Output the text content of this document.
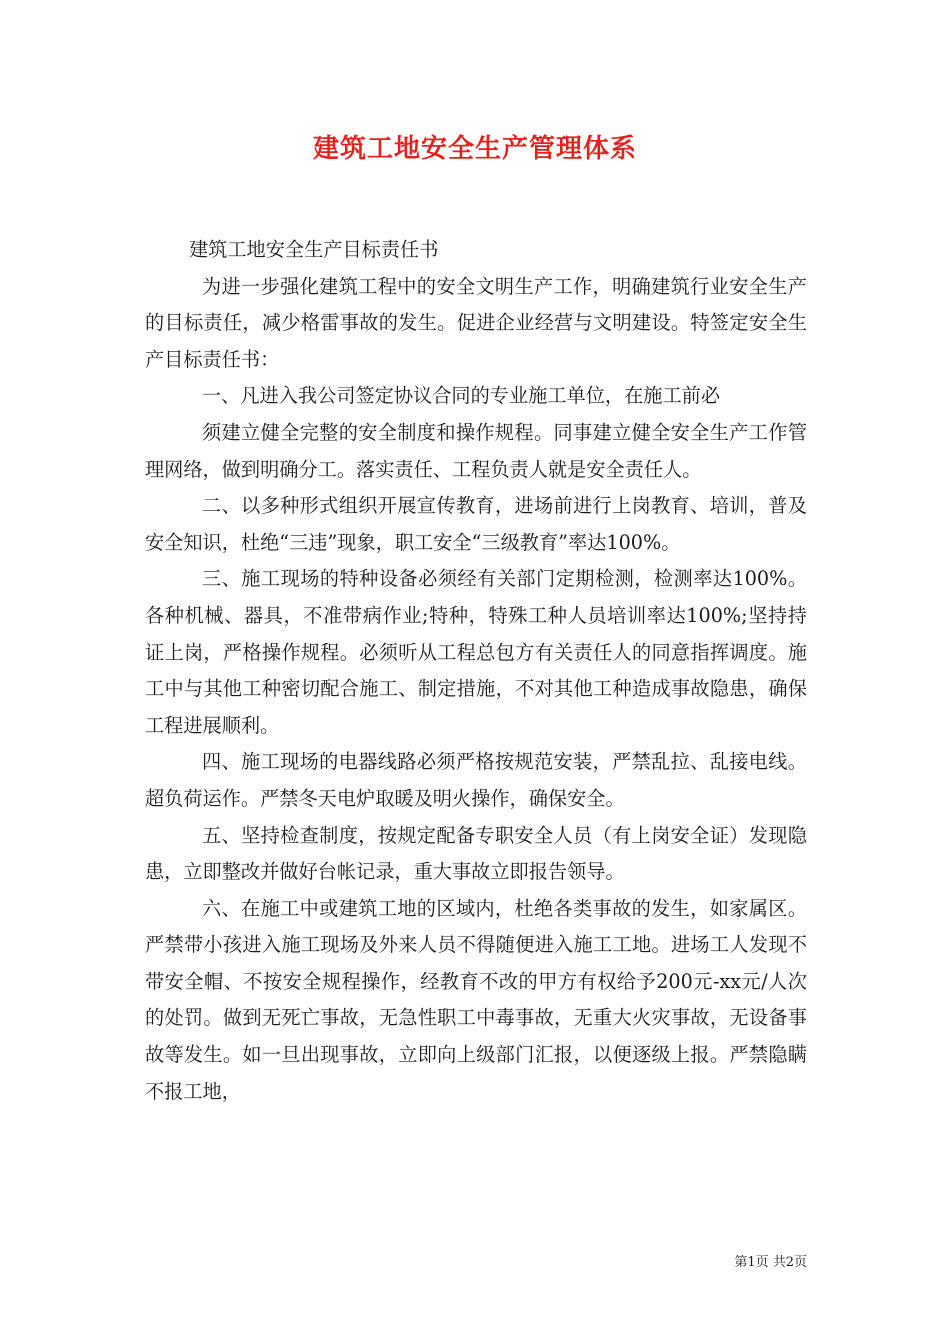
建筑工地安全生产管理体系

建筑工地安全生产目标责任书

为进一步强化建筑工程中的安全文明生产工作，明确建筑行业安全生产的目标责任，减少格雷事故的发生。促进企业经营与文明建设。特签定安全生产目标责任书：

一、凡进入我公司签定协议合同的专业施工单位，在施工前必

须建立健全完整的安全制度和操作规程。同事建立健全安全生产工作管理网络，做到明确分工。落实责任、工程负责人就是安全责任人。

二、以多种形式组织开展宣传教育，进场前进行上岗教育、培训，普及安全知识，杜绝“三违”现象，职工安全“三级教育”率达100%。

三、施工现场的特种设备必须经有关部门定期检测，检测率达100%。各种机械、器具，不准带病作业;特种，特殊工种人员培训率达100%;坚持持证上岗，严格操作规程。必须听从工程总包方有关责任人的同意指挥调度。施工中与其他工种密切配合施工、制定措施，不对其他工种造成事故隐患，确保工程进展顺利。

四、施工现场的电器线路必须严格按规范安装，严禁乱拉、乱接电线。超负荷运作。严禁冬天电炉取暖及明火操作，确保安全。

五、坚持检查制度，按规定配备专职安全人员（有上岗安全证）发现隐患，立即整改并做好台帐记录，重大事故立即报告领导。

六、在施工中或建筑工地的区域内，杜绝各类事故的发生，如家属区。严禁带小孩进入施工现场及外来人员不得随便进入施工工地。进场工人发现不带安全帽、不按安全规程操作，经教育不改的甲方有权给予200元-xx元/人次的处罚。做到无死亡事故，无急性职工中毒事故，无重大火灾事故，无设备事故等发生。如一旦出现事故，立即向上级部门汇报，以便逐级上报。严禁隐瞒不报工地，

第1页 共2页
